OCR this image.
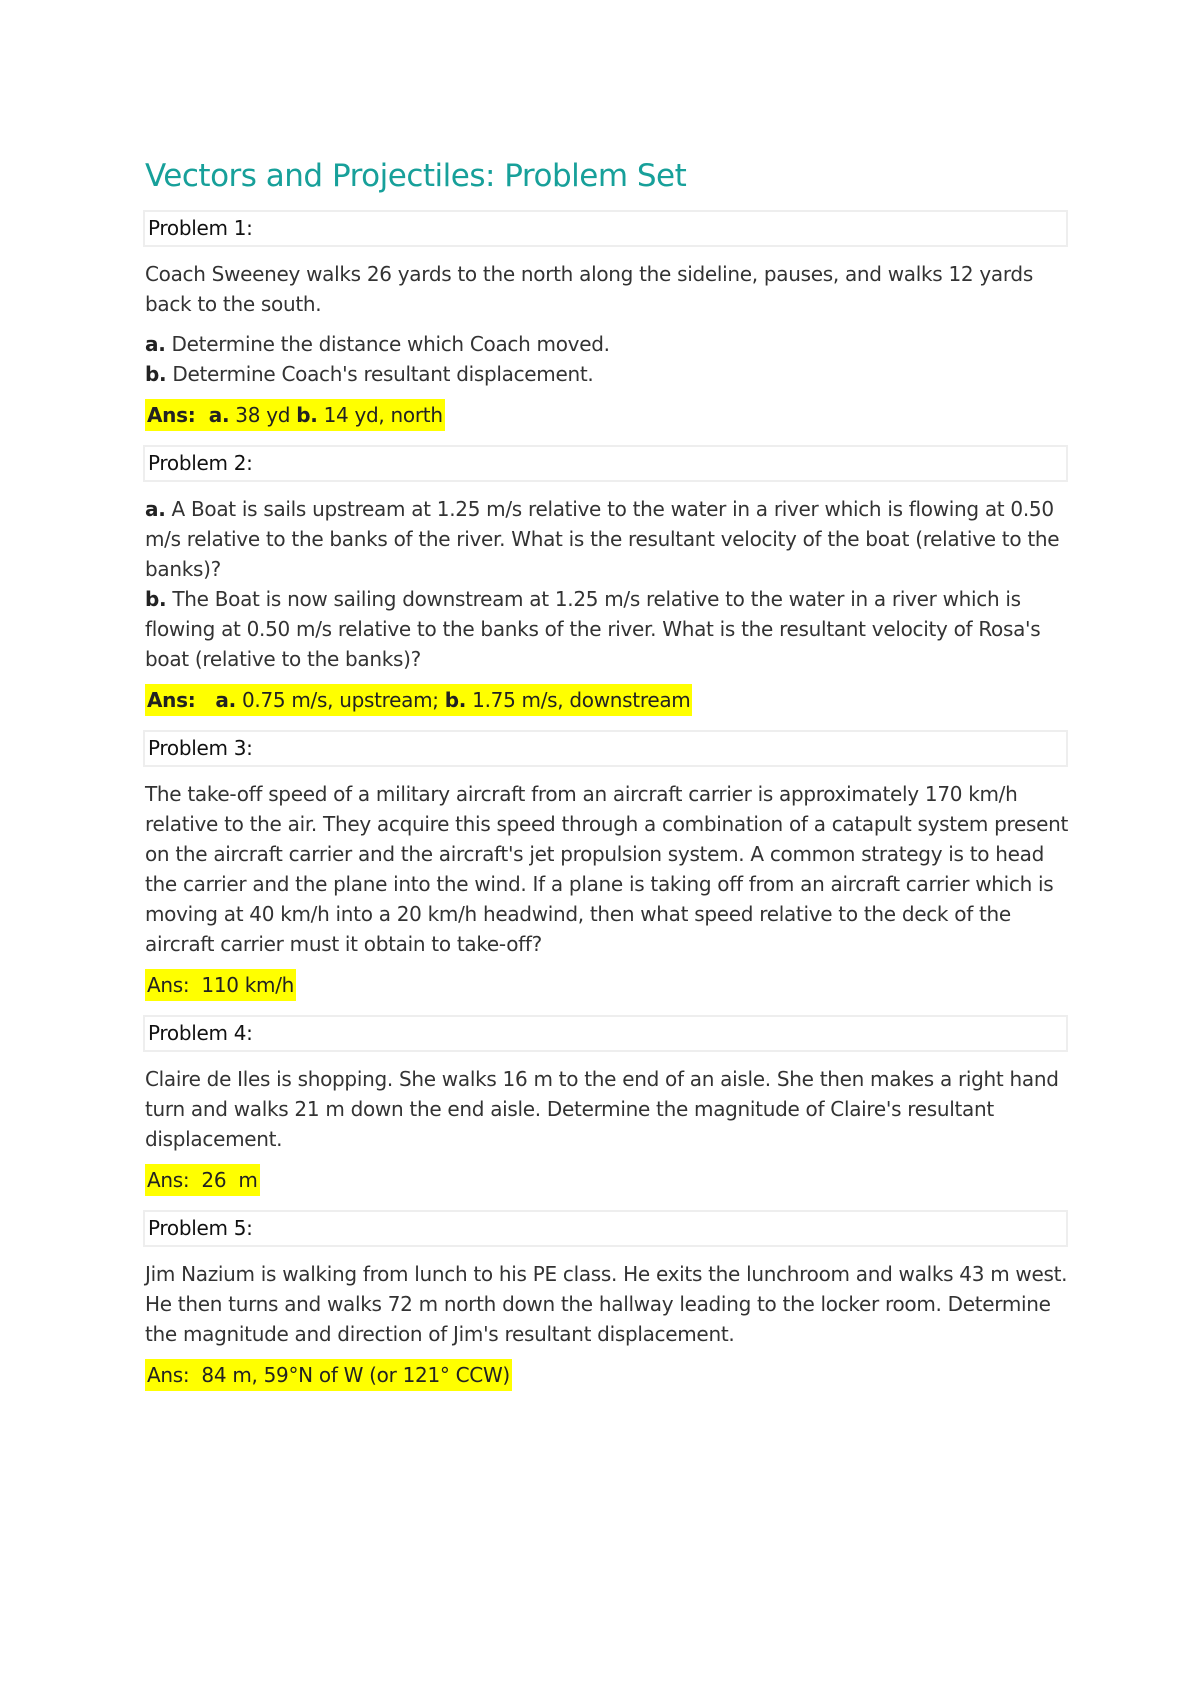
Vectors and Projectiles: Problem Set
Problem 1:

Coach Sweeney walks 26 yards to the north along the sideline, pauses, and walks 12 yards back to the south.

a. Determine the distance which Coach moved.
b. Determine Coach's resultant displacement.

Ans:  a. 38 yd b. 14 yd, north
Problem 2:

a. A Boat is sails upstream at 1.25 m/s relative to the water in a river which is flowing at 0.50 m/s relative to the banks of the river. What is the resultant velocity of the boat (relative to the banks)?
b. The Boat is now sailing downstream at 1.25 m/s relative to the water in a river which is flowing at 0.50 m/s relative to the banks of the river. What is the resultant velocity of Rosa's boat (relative to the banks)?

Ans:   a. 0.75 m/s, upstream; b. 1.75 m/s, downstream
Problem 3:

The take-off speed of a military aircraft from an aircraft carrier is approximately 170 km/h relative to the air. They acquire this speed through a combination of a catapult system present on the aircraft carrier and the aircraft's jet propulsion system. A common strategy is to head the carrier and the plane into the wind. If a plane is taking off from an aircraft carrier which is moving at 40 km/h into a 20 km/h headwind, then what speed relative to the deck of the aircraft carrier must it obtain to take-off?

Ans:  110 km/h
Problem 4:

Claire de Iles is shopping. She walks 16 m to the end of an aisle. She then makes a right hand turn and walks 21 m down the end aisle. Determine the magnitude of Claire's resultant displacement.

Ans:  26  m
Problem 5:

Jim Nazium is walking from lunch to his PE class. He exits the lunchroom and walks 43 m west. He then turns and walks 72 m north down the hallway leading to the locker room. Determine the magnitude and direction of Jim's resultant displacement.

Ans:  84 m, 59°N of W (or 121° CCW)
